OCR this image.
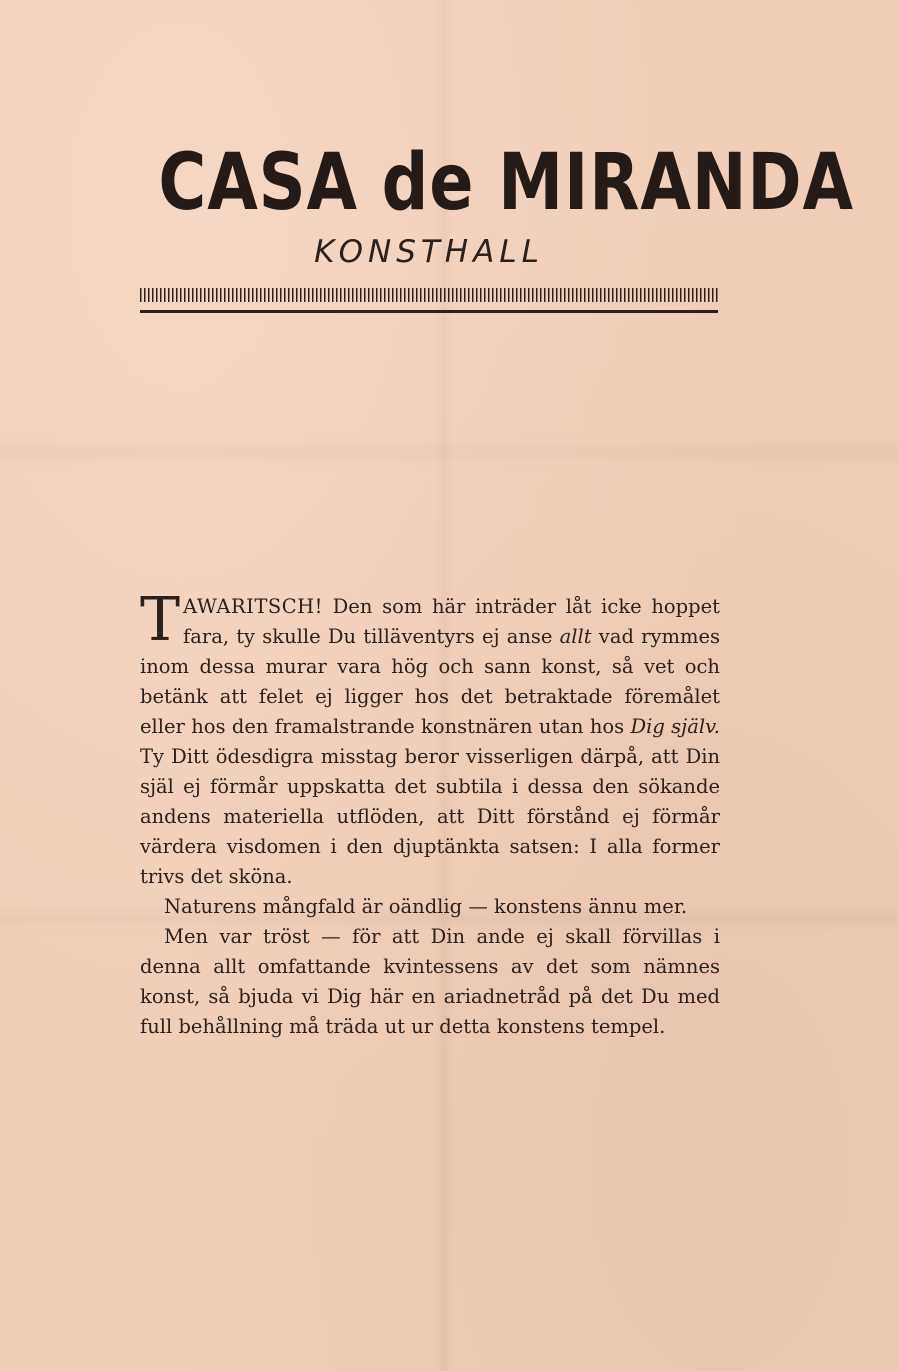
CASA de MIRANDA
KONSTHALL

TAWARITSCH! Den som här inträder låt icke hoppet fara, ty skulle Du tilläventyrs ej anse allt vad rymmes inom dessa murar vara hög och sann konst, så vet och betänk att felet ej ligger hos det betraktade föremålet eller hos den framalstrande konstnären utan hos Dig själv. Ty Ditt ödesdigra misstag beror visserligen därpå, att Din själ ej förmår uppskatta det subtila i dessa den sökande andens materiella utflöden, att Ditt förstånd ej förmår värdera visdomen i den djuptänkta satsen: I alla former trivs det sköna.

Naturens mångfald är oändlig — konstens ännu mer.

Men var tröst — för att Din ande ej skall förvillas i denna allt omfattande kvintessens av det som nämnes konst, så bjuda vi Dig här en ariadnetråd på det Du med full behållning må träda ut ur detta konstens tempel.
